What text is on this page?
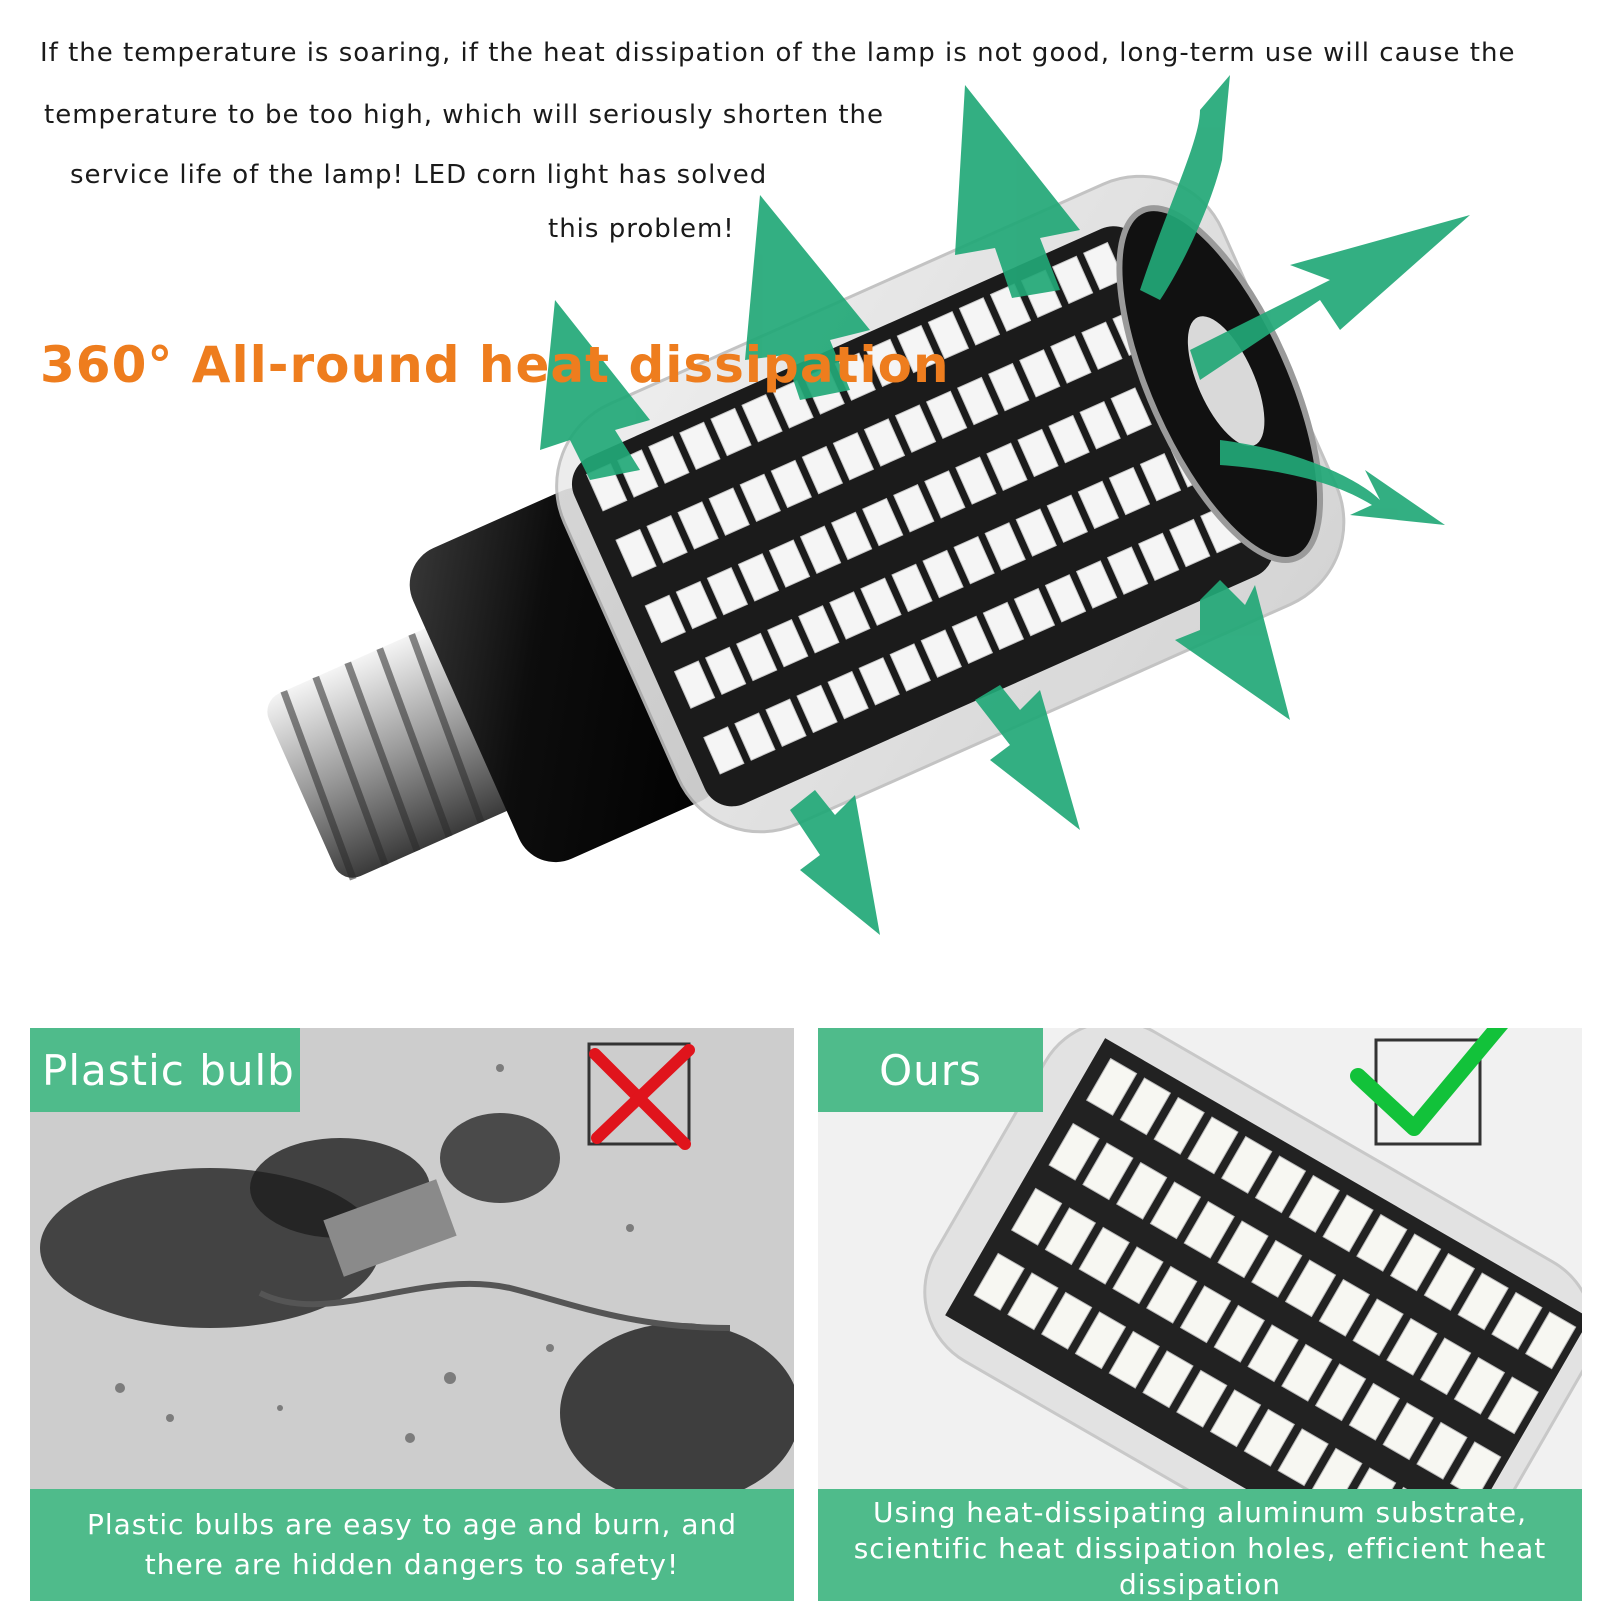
If the temperature is soaring, if the heat dissipation of the lamp is not good, long-term use will cause the
temperature to be too high, which will seriously shorten the
service life of the lamp! LED corn light has solved
this problem!
360° All-round heat dissipation
Plastic bulb
Plastic bulbs are easy to age and burn, and
there are hidden dangers to safety!
Ours
Using heat-dissipating aluminum substrate,
scientific heat dissipation holes, efficient heat
dissipation
